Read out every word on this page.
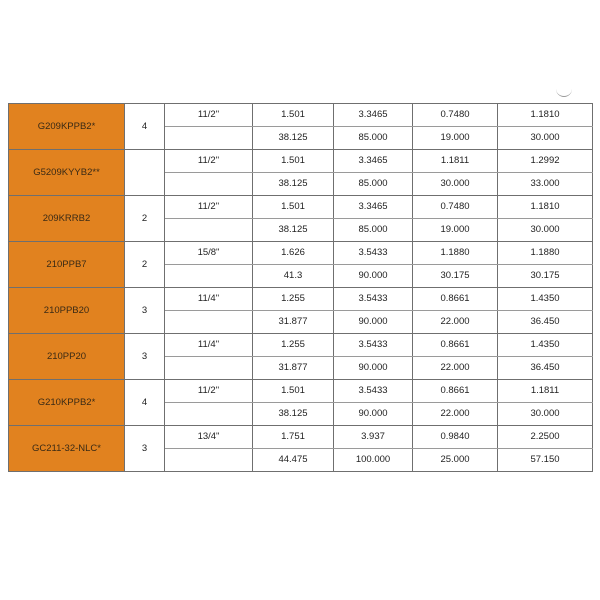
G209KPPB2*	4	11/2"	1.501	3.3465	0.7480	1.1810
			38.125	85.000	19.000	30.000
G5209KYYB2**		11/2"	1.501	3.3465	1.1811	1.2992
			38.125	85.000	30.000	33.000
209KRRB2	2	11/2"	1.501	3.3465	0.7480	1.1810
			38.125	85.000	19.000	30.000
210PPB7	2	15/8"	1.626	3.5433	1.1880	1.1880
			41.3	90.000	30.175	30.175
210PPB20	3	11/4"	1.255	3.5433	0.8661	1.4350
			31.877	90.000	22.000	36.450
210PP20	3	11/4"	1.255	3.5433	0.8661	1.4350
			31.877	90.000	22.000	36.450
G210KPPB2*	4	11/2"	1.501	3.5433	0.8661	1.1811
			38.125	90.000	22.000	30.000
GC211-32-NLC*	3	13/4"	1.751	3.937	0.9840	2.2500
			44.475	100.000	25.000	57.150
